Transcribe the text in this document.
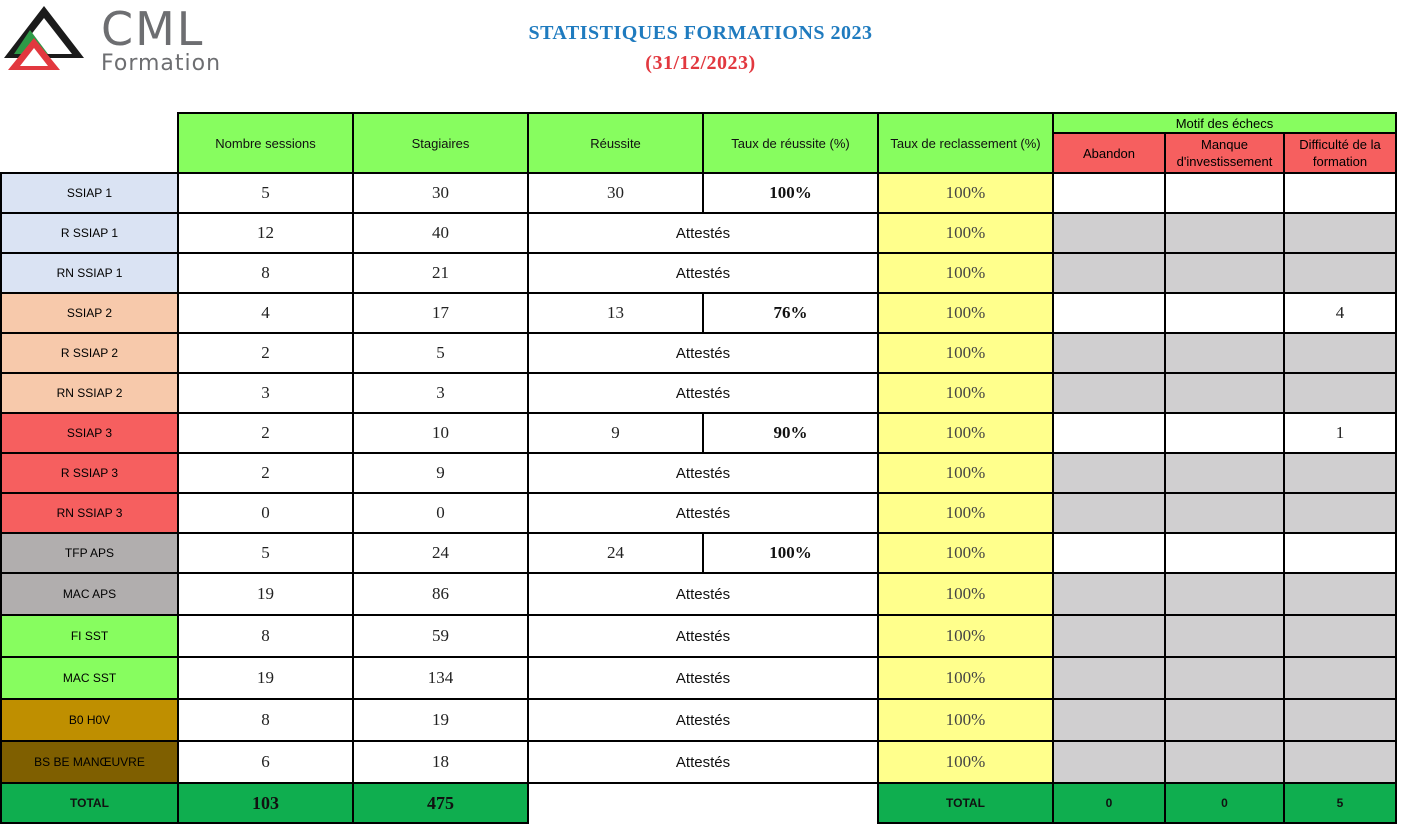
CML
Formation
STATISTIQUES FORMATIONS 2023
(31/12/2023)
	Nombre sessions	Stagiaires	Réussite	Taux de réussite (%)	Taux de reclassement (%)	Motif des échecs		
						Abandon	Manque d'investissement	Difficulté de la formation
SSIAP 1	5	30	30	100%	100%			
R SSIAP 1	12	40	Attestés		100%			
RN SSIAP 1	8	21	Attestés		100%			
SSIAP 2	4	17	13	76%	100%			4
R SSIAP 2	2	5	Attestés		100%			
RN SSIAP 2	3	3	Attestés		100%			
SSIAP 3	2	10	9	90%	100%			1
R SSIAP 3	2	9	Attestés		100%			
RN SSIAP 3	0	0	Attestés		100%			
TFP APS	5	24	24	100%	100%			
MAC APS	19	86	Attestés		100%			
FI SST	8	59	Attestés		100%			
MAC SST	19	134	Attestés		100%			
B0 H0V	8	19	Attestés		100%			
BS BE MANŒUVRE	6	18	Attestés		100%			
TOTAL	103	475			TOTAL	0	0	5
